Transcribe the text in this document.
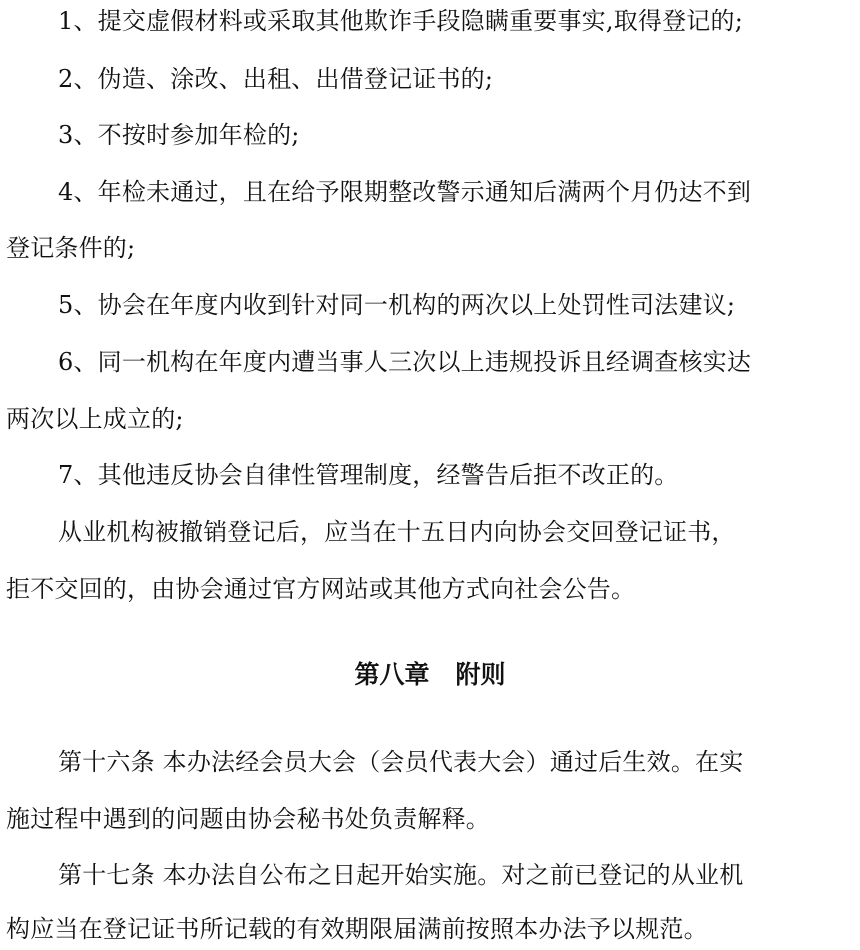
1、提交虚假材料或采取其他欺诈手段隐瞒重要事实,取得登记的;
2、伪造、涂改、出租、出借登记证书的;
3、不按时参加年检的;
4、年检未通过，且在给予限期整改警示通知后满两个月仍达不到
登记条件的;
5、协会在年度内收到针对同一机构的两次以上处罚性司法建议;
6、同一机构在年度内遭当事人三次以上违规投诉且经调查核实达
两次以上成立的;
7、其他违反协会自律性管理制度，经警告后拒不改正的。
从业机构被撤销登记后，应当在十五日内向协会交回登记证书，
拒不交回的，由协会通过官方网站或其他方式向社会公告。
第八章   附则
第十六条 本办法经会员大会（会员代表大会）通过后生效。在实
施过程中遇到的问题由协会秘书处负责解释。
第十七条 本办法自公布之日起开始实施。对之前已登记的从业机
构应当在登记证书所记载的有效期限届满前按照本办法予以规范。
